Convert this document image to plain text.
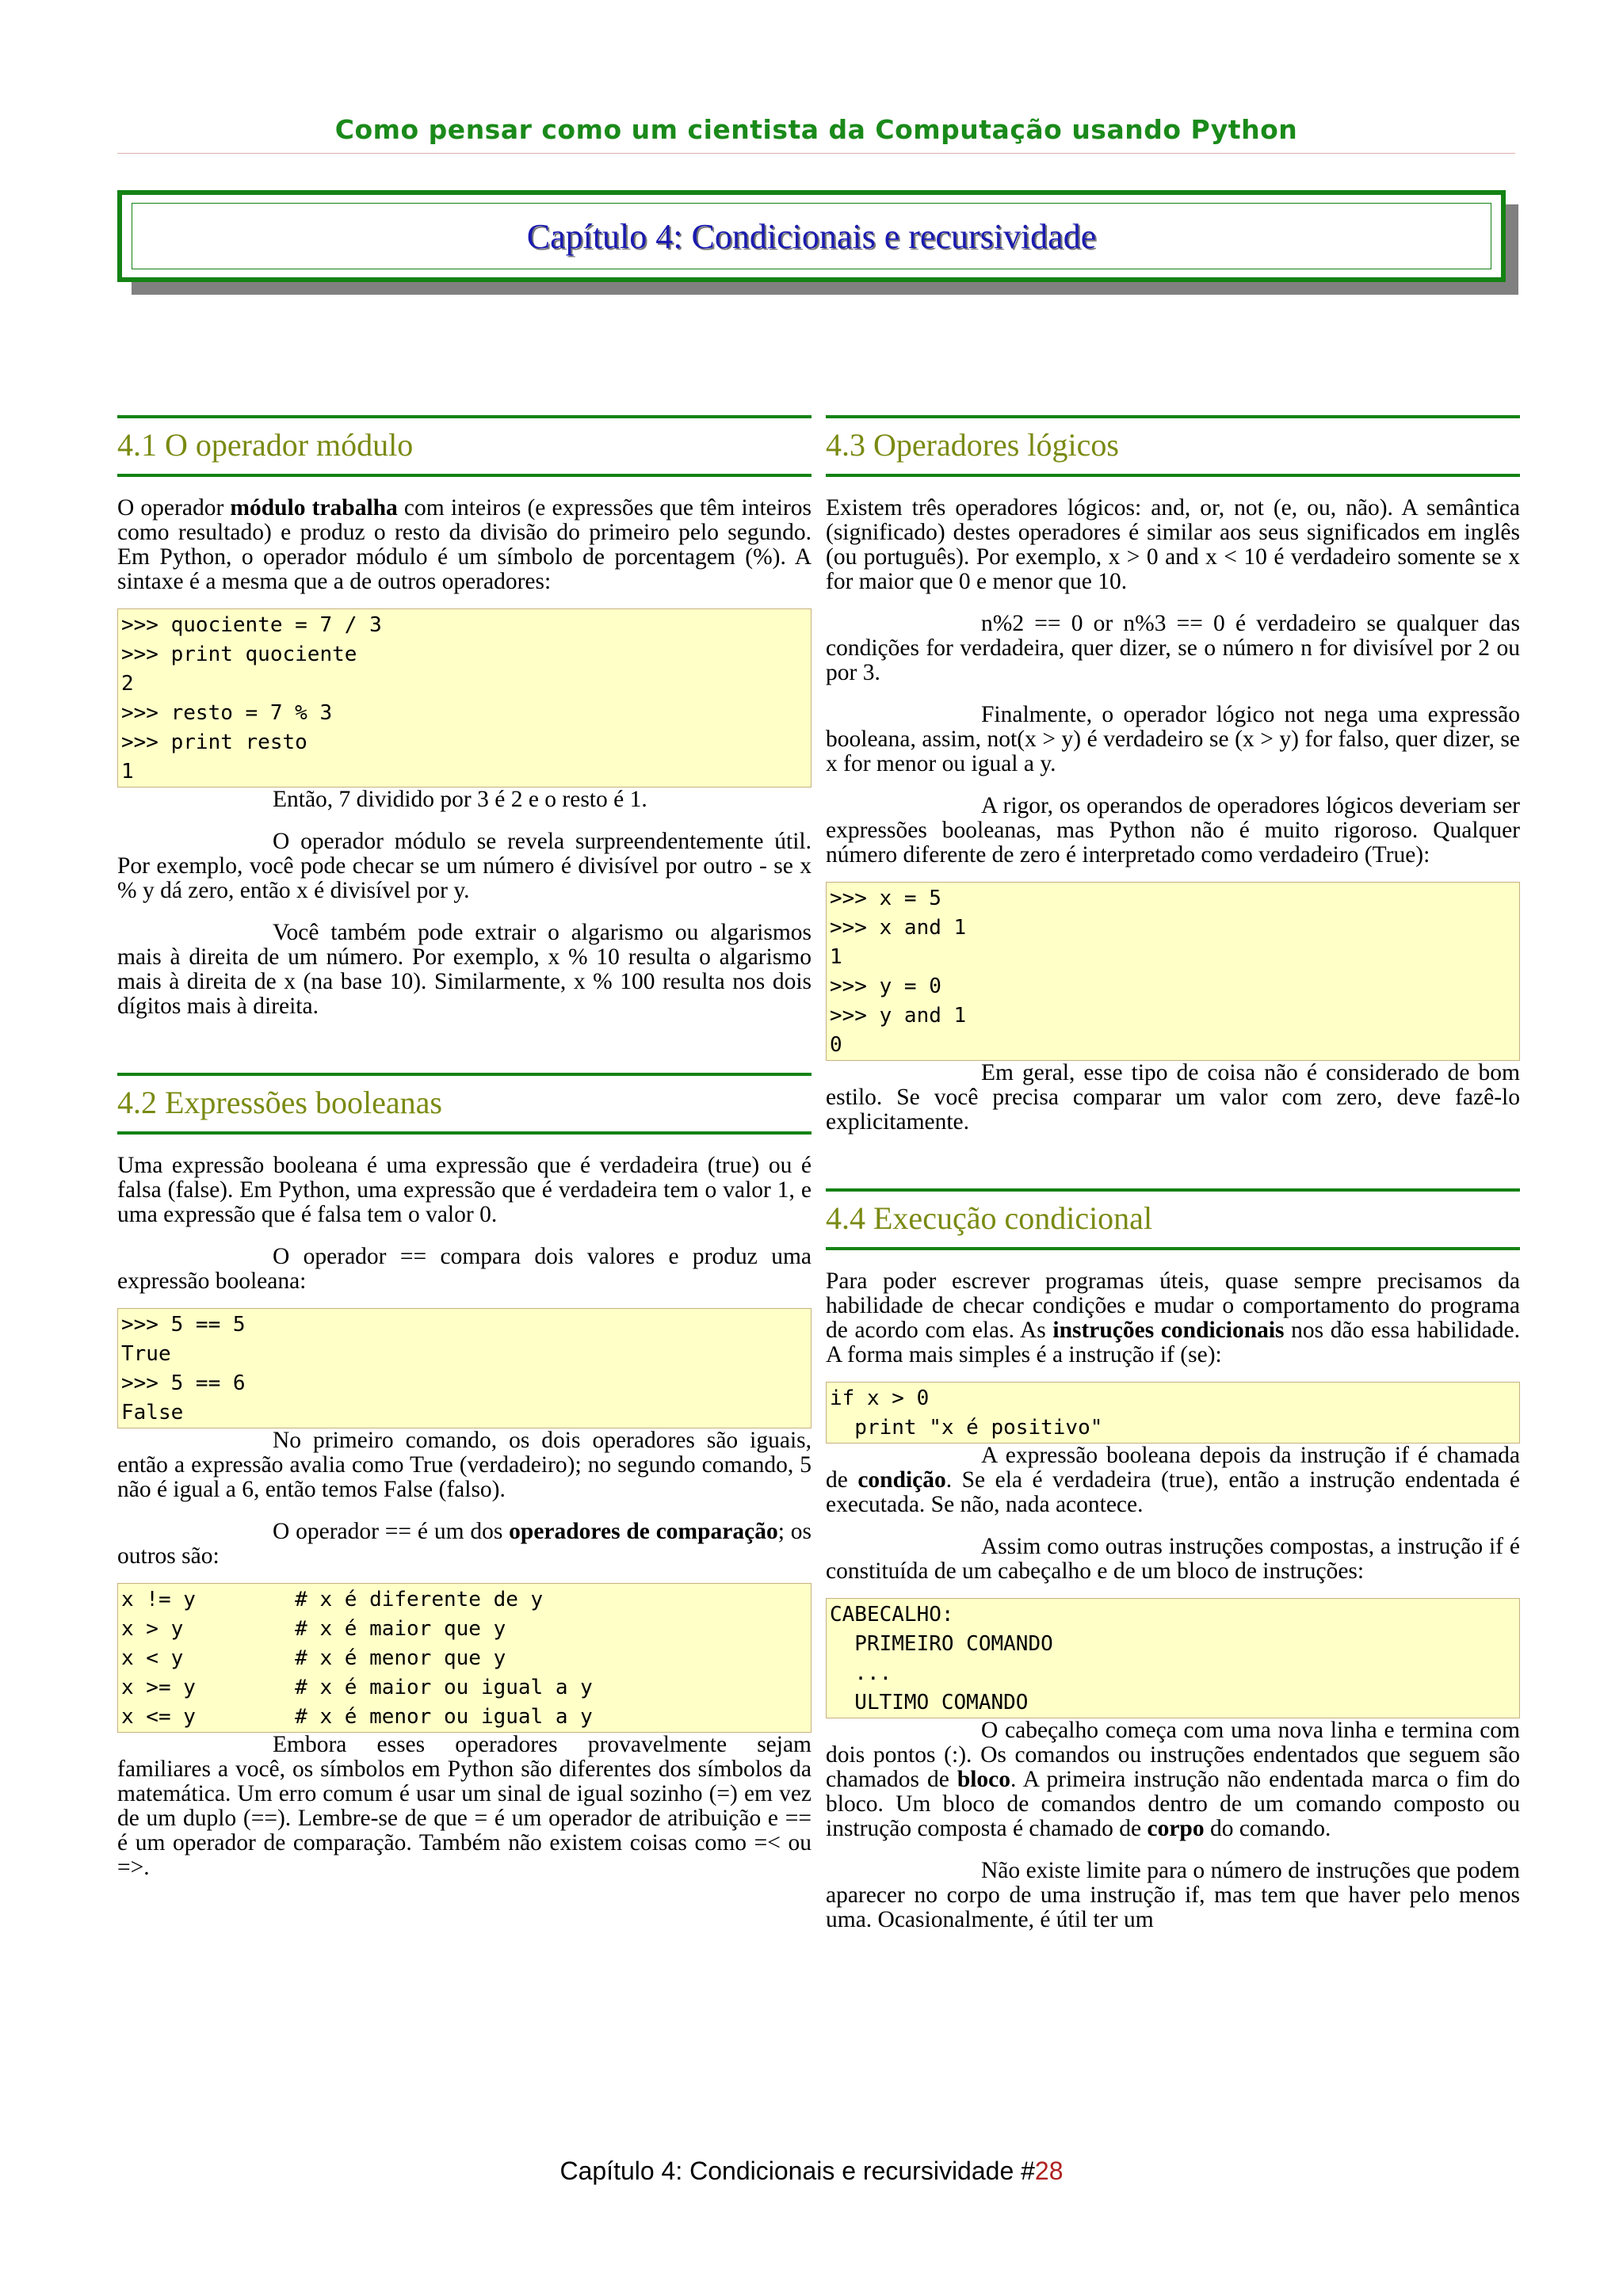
Como pensar como um cientista da Computação usando Python
Capítulo 4: Condicionais e recursividade
4.1 O operador módulo

O operador módulo trabalha com inteiros (e expressões que têm inteiros como resultado) e produz o resto da divisão do primeiro pelo segundo. Em Python, o operador módulo é um símbolo de porcentagem (%). A sintaxe é a mesma que a de outros operadores:

>>> quociente = 7 / 3
>>> print quociente
2
>>> resto = 7 % 3
>>> print resto
1

Então, 7 dividido por 3 é 2 e o resto é 1.

O operador módulo se revela surpreendentemente útil. Por exemplo, você pode checar se um número é divisível por outro - se x % y dá zero, então x é divisível por y.

Você também pode extrair o algarismo ou algarismos mais à direita de um número. Por exemplo, x % 10 resulta o algarismo mais à direita de x (na base 10). Similarmente, x % 100 resulta nos dois dígitos mais à direita.

4.2 Expressões booleanas

Uma expressão booleana é uma expressão que é verdadeira (true) ou é falsa (false). Em Python, uma expressão que é verdadeira tem o valor 1, e uma expressão que é falsa tem o valor 0.

O operador == compara dois valores e produz uma expressão booleana:

>>> 5 == 5
True
>>> 5 == 6
False

No primeiro comando, os dois operadores são iguais, então a expressão avalia como True (verdadeiro); no segundo comando, 5 não é igual a 6, então temos False (falso).

O operador == é um dos operadores de comparação; os outros são:

x != y        # x é diferente de y
x > y         # x é maior que y
x < y         # x é menor que y
x >= y        # x é maior ou igual a y
x <= y        # x é menor ou igual a y

Embora esses operadores provavelmente sejam familiares a você, os símbolos em Python são diferentes dos símbolos da matemática. Um erro comum é usar um sinal de igual sozinho (=) em vez de um duplo (==). Lembre-se de que = é um operador de atribuição e == é um operador de comparação. Também não existem coisas como =< ou =>.

4.3 Operadores lógicos

Existem três operadores lógicos: and, or, not (e, ou, não). A semântica (significado) destes operadores é similar aos seus significados em inglês (ou português). Por exemplo, x > 0 and x < 10 é verdadeiro somente se x for maior que 0 e menor que 10.

n%2 == 0 or n%3 == 0 é verdadeiro se qualquer das condições for verdadeira, quer dizer, se o número n for divisível por 2 ou por 3.

Finalmente, o operador lógico not nega uma expressão booleana, assim, not(x > y) é verdadeiro se (x > y) for falso, quer dizer, se x for menor ou igual a y.

A rigor, os operandos de operadores lógicos deveriam ser expressões booleanas, mas Python não é muito rigoroso. Qualquer número diferente de zero é interpretado como verdadeiro (True):

>>> x = 5
>>> x and 1
1
>>> y = 0
>>> y and 1
0

Em geral, esse tipo de coisa não é considerado de bom estilo. Se você precisa comparar um valor com zero, deve fazê-lo explicitamente.

4.4 Execução condicional

Para poder escrever programas úteis, quase sempre precisamos da habilidade de checar condições e mudar o comportamento do programa de acordo com elas. As instruções condicionais nos dão essa habilidade. A forma mais simples é a instrução if (se):

if x > 0
print "x é positivo"

A expressão booleana depois da instrução if é chamada de condição. Se ela é verdadeira (true), então a instrução endentada é executada. Se não, nada acontece.

Assim como outras instruções compostas, a instrução if é constituída de um cabeçalho e de um bloco de instruções:

CABECALHO:
PRIMEIRO COMANDO
...
ULTIMO COMANDO

O cabeçalho começa com uma nova linha e termina com dois pontos (:). Os comandos ou instruções endentados que seguem são chamados de bloco. A primeira instrução não endentada marca o fim do bloco. Um bloco de comandos dentro de um comando composto ou instrução composta é chamado de corpo do comando.

Não existe limite para o número de instruções que podem aparecer no corpo de uma instrução if, mas tem que haver pelo menos uma. Ocasionalmente, é útil ter um

Capítulo 4: Condicionais e recursividade #28
